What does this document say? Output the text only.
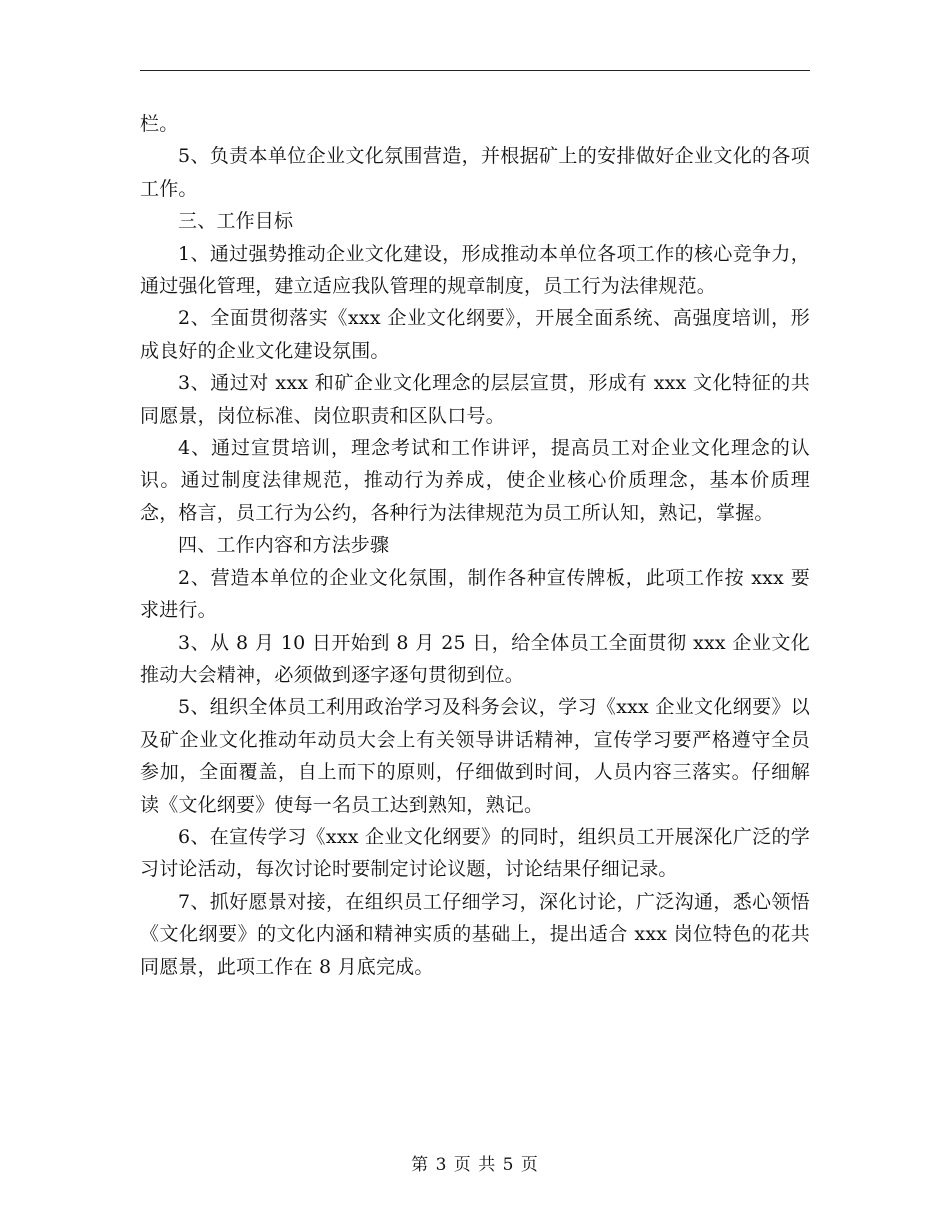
栏。

5、负责本单位企业文化氛围营造，并根据矿上的安排做好企业文化的各项工作。

三、工作目标

1、通过强势推动企业文化建设，形成推动本单位各项工作的核心竞争力，通过强化管理，建立适应我队管理的规章制度，员工行为法律规范。

2、全面贯彻落实《xxx 企业文化纲要》，开展全面系统、高强度培训，形成良好的企业文化建设氛围。

3、通过对 xxx 和矿企业文化理念的层层宣贯，形成有 xxx 文化特征的共同愿景，岗位标准、岗位职责和区队口号。

4、通过宣贯培训，理念考试和工作讲评，提高员工对企业文化理念的认识。通过制度法律规范，推动行为养成，使企业核心价质理念，基本价质理念，格言，员工行为公约，各种行为法律规范为员工所认知，熟记，掌握。

四、工作内容和方法步骤

2、营造本单位的企业文化氛围，制作各种宣传牌板，此项工作按 xxx 要求进行。

3、从 8 月 10 日开始到 8 月 25 日，给全体员工全面贯彻 xxx 企业文化推动大会精神，必须做到逐字逐句贯彻到位。

5、组织全体员工利用政治学习及科务会议，学习《xxx 企业文化纲要》以及矿企业文化推动年动员大会上有关领导讲话精神，宣传学习要严格遵守全员参加，全面覆盖，自上而下的原则，仔细做到时间，人员内容三落实。仔细解读《文化纲要》使每一名员工达到熟知，熟记。

6、在宣传学习《xxx 企业文化纲要》的同时，组织员工开展深化广泛的学习讨论活动，每次讨论时要制定讨论议题，讨论结果仔细记录。

7、抓好愿景对接，在组织员工仔细学习，深化讨论，广泛沟通，悉心领悟《文化纲要》的文化内涵和精神实质的基础上，提出适合 xxx 岗位特色的花共同愿景，此项工作在 8 月底完成。

第 3 页 共 5 页
